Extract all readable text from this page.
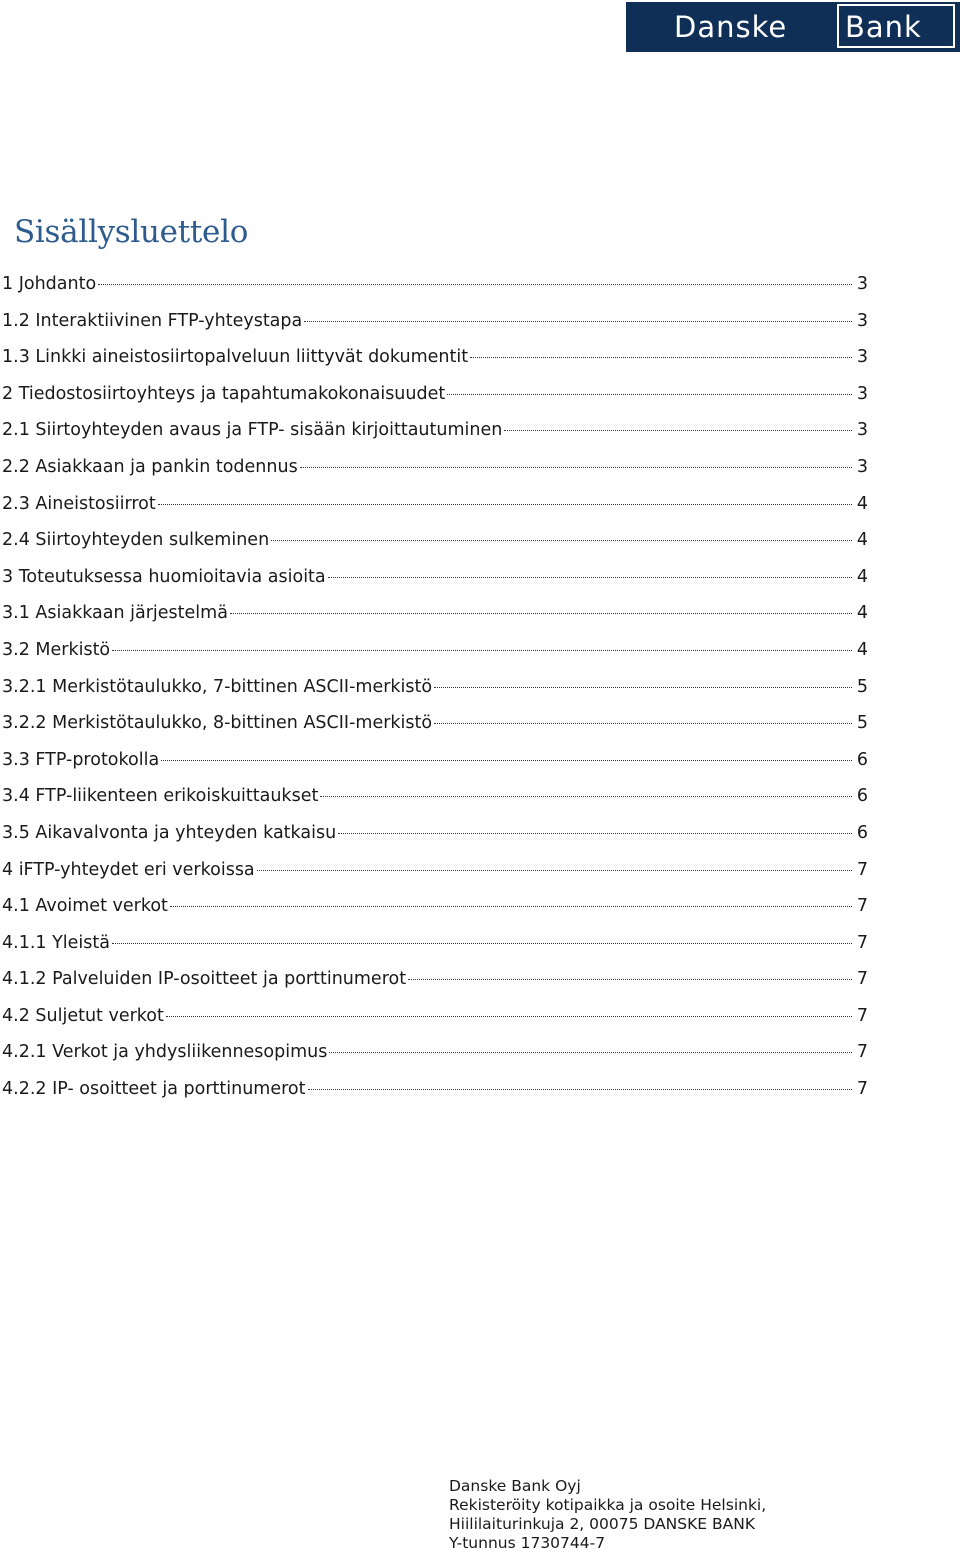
Danske Bank
Sisällysluettelo
1 Johdanto	3
1.2 Interaktiivinen FTP-yhteystapa	3
1.3 Linkki aineistosiirtopalveluun liittyvät dokumentit	3
2 Tiedostosiirtoyhteys ja tapahtumakokonaisuudet	3
2.1 Siirtoyhteyden avaus ja FTP- sisään kirjoittautuminen	3
2.2 Asiakkaan ja pankin todennus	3
2.3 Aineistosiirrot	4
2.4 Siirtoyhteyden sulkeminen	4
3 Toteutuksessa huomioitavia asioita	4
3.1 Asiakkaan järjestelmä	4
3.2 Merkistö	4
3.2.1 Merkistötaulukko, 7-bittinen ASCII-merkistö	5
3.2.2 Merkistötaulukko, 8-bittinen ASCII-merkistö	5
3.3 FTP-protokolla	6
3.4 FTP-liikenteen erikoiskuittaukset	6
3.5 Aikavalvonta ja yhteyden katkaisu	6
4 iFTP-yhteydet eri verkoissa	7
4.1 Avoimet verkot	7
4.1.1 Yleistä	7
4.1.2 Palveluiden IP-osoitteet ja porttinumerot	7
4.2 Suljetut verkot	7
4.2.1 Verkot ja yhdysliikennesopimus	7
4.2.2 IP- osoitteet ja porttinumerot	7
Danske Bank Oyj
Rekisteröity kotipaikka ja osoite Helsinki,
Hiililaiturinkuja 2, 00075 DANSKE BANK
Y-tunnus 1730744-7
